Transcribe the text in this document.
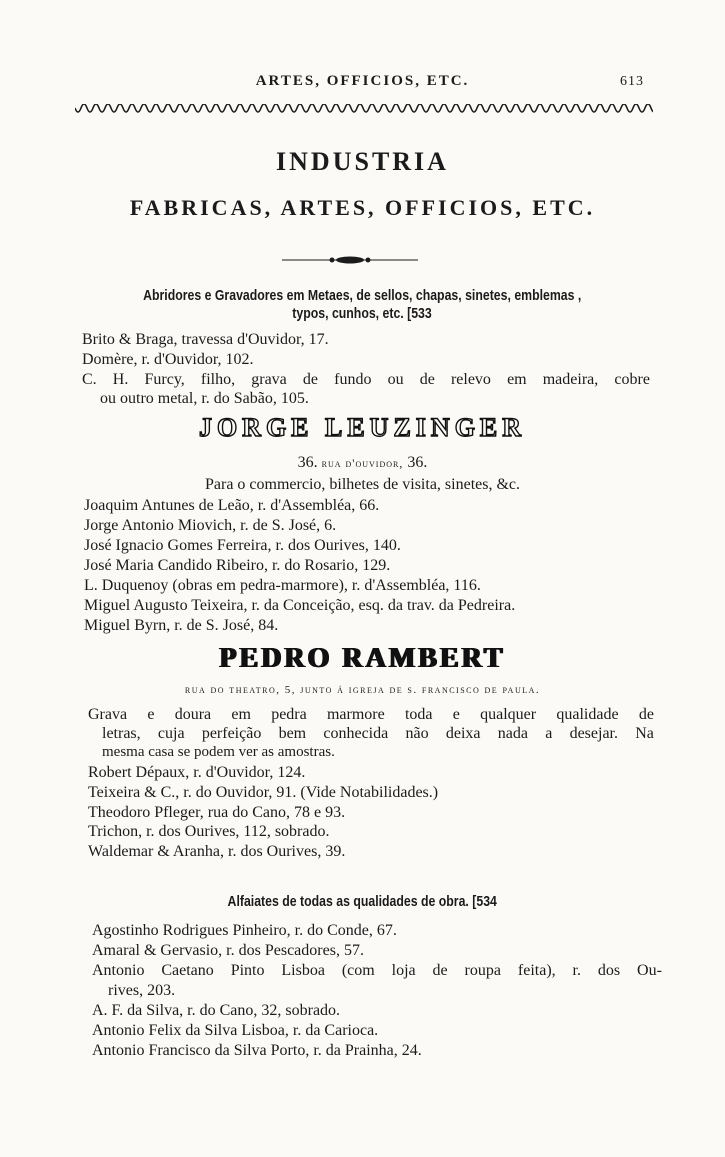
ARTES, OFFICIOS, ETC.	613
INDUSTRIA
FABRICAS, ARTES, OFFICIOS, ETC.
Abridores e Gravadores em Metaes, de sellos, chapas, sinetes, emblemas ,
typos, cunhos, etc. [533
Brito & Braga, travessa d'Ouvidor, 17.
Domère, r. d'Ouvidor, 102.
C. H. Furcy, filho, grava de fundo ou de relevo em madeira, cobre
ou outro metal, r. do Sabão, 105.
JORGE LEUZINGER
36. rua d'ouvidor, 36.
Para o commercio, bilhetes de visita, sinetes, &c.
Joaquim Antunes de Leão, r. d'Assembléa, 66.
Jorge Antonio Miovich, r. de S. José, 6.
José Ignacio Gomes Ferreira, r. dos Ourives, 140.
José Maria Candido Ribeiro, r. do Rosario, 129.
L. Duquenoy (obras em pedra-marmore), r. d'Assembléa, 116.
Miguel Augusto Teixeira, r. da Conceição, esq. da trav. da Pedreira.
Miguel Byrn, r. de S. José, 84.
PEDRO RAMBERT
rua do theatro, 5, junto á igreja de s. francisco de paula.
Grava e doura em pedra marmore toda e qualquer qualidade de
letras, cuja perfeição bem conhecida não deixa nada a desejar. Na
mesma casa se podem ver as amostras.
Robert Dépaux, r. d'Ouvidor, 124.
Teixeira & C., r. do Ouvidor, 91. (Vide Notabilidades.)
Theodoro Pfleger, rua do Cano, 78 e 93.
Trichon, r. dos Ourives, 112, sobrado.
Waldemar & Aranha, r. dos Ourives, 39.
Alfaiates de todas as qualidades de obra. [534
Agostinho Rodrigues Pinheiro, r. do Conde, 67.
Amaral & Gervasio, r. dos Pescadores, 57.
Antonio Caetano Pinto Lisboa (com loja de roupa feita), r. dos Ou-
rives, 203.
A. F. da Silva, r. do Cano, 32, sobrado.
Antonio Felix da Silva Lisboa, r. da Carioca.
Antonio Francisco da Silva Porto, r. da Prainha, 24.
